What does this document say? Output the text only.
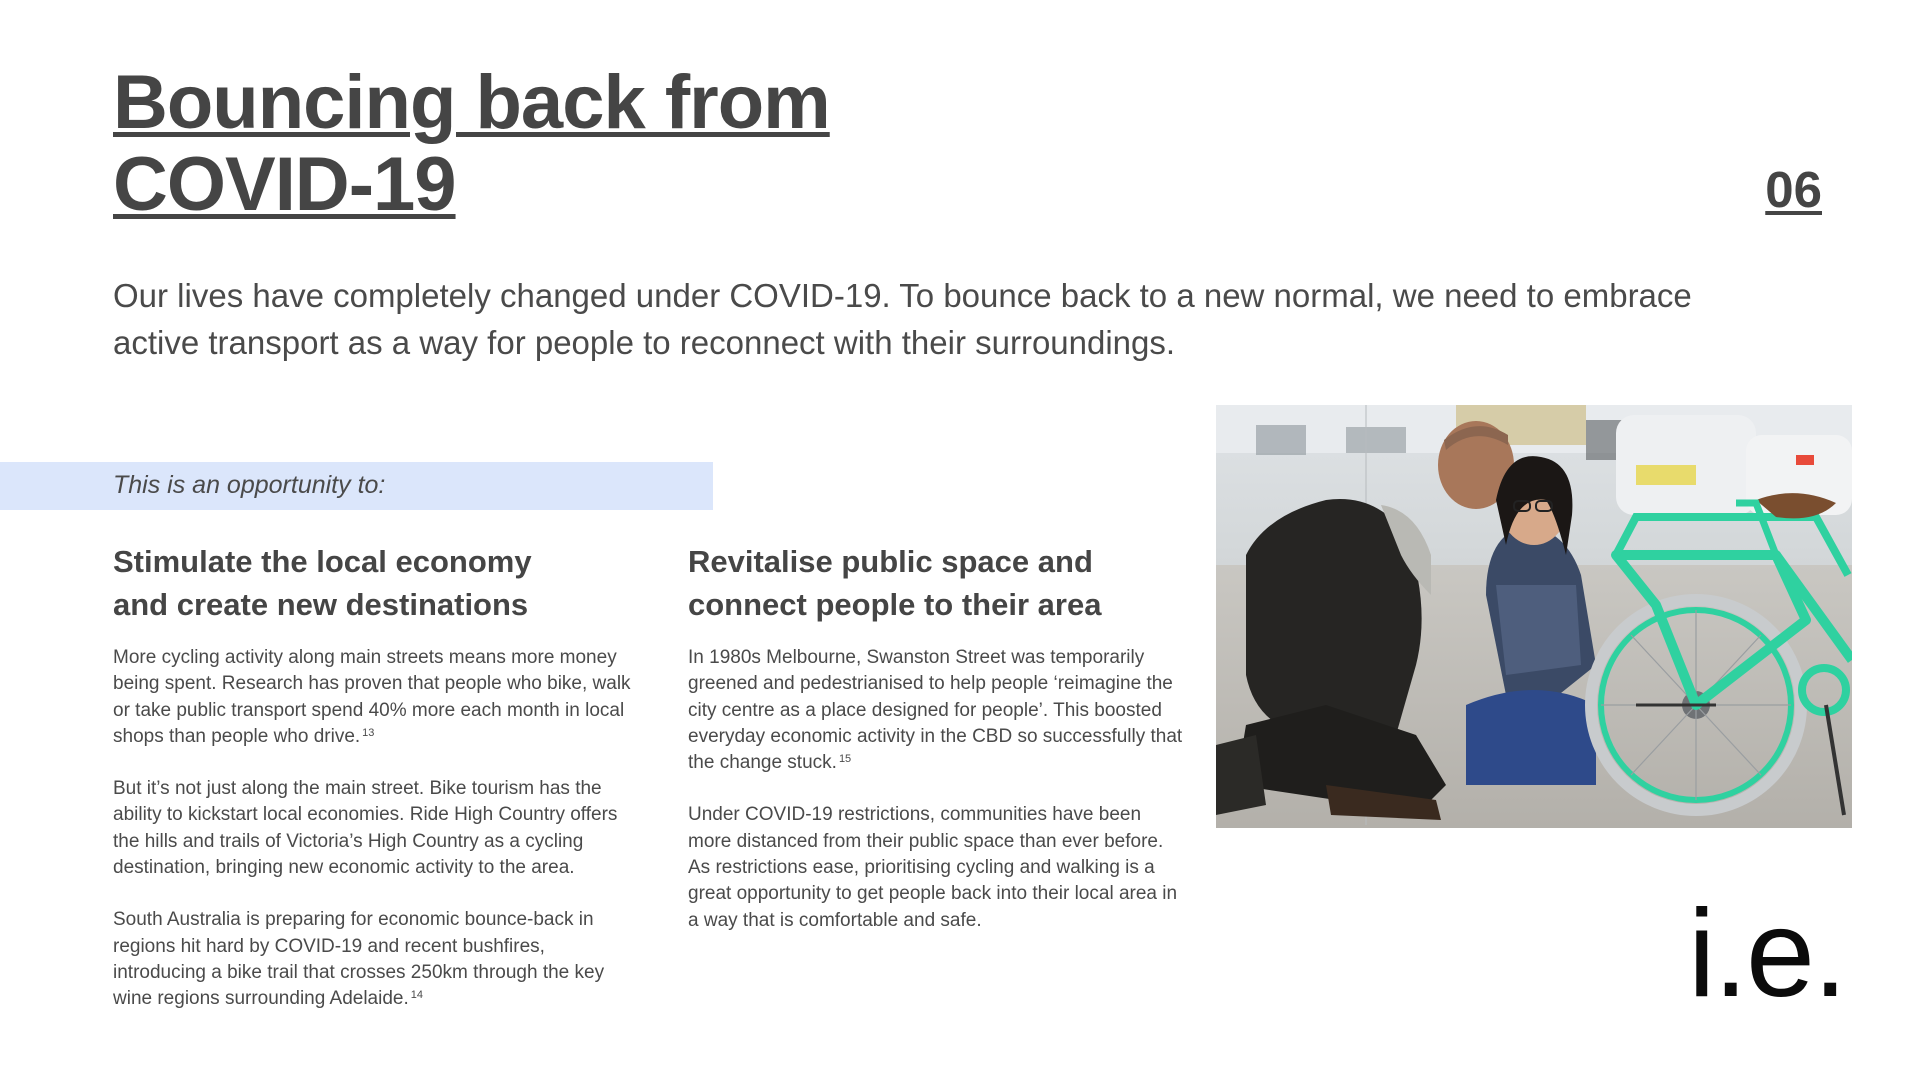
Bouncing back from
COVID-19	06

Our lives have completely changed under COVID-19. To bounce back to a new normal, we need to embrace active transport as a way for people to reconnect with their surroundings.

This is an opportunity to:
Stimulate the local economy
and create new destinations

More cycling activity along main streets means more money being spent. Research has proven that people who bike, walk or take public transport spend 40% more each month in local shops than people who drive. $^{13}$

But it’s not just along the main street. Bike tourism has the ability to kickstart local economies. Ride High Country offers the hills and trails of Victoria’s High Country as a cycling destination, bringing new economic activity to the area.

South Australia is preparing for economic bounce-back in regions hit hard by COVID-19 and recent bushfires, introducing a bike trail that crosses 250km through the key wine regions surrounding Adelaide. $^{14}$

Revitalise public space and
connect people to their area

In 1980s Melbourne, Swanston Street was temporarily greened and pedestrianised to help people ‘reimagine the city centre as a place designed for people’. This boosted everyday economic activity in the CBD so successfully that the change stuck. $^{15}$

Under COVID-19 restrictions, communities have been more distanced from their public space than ever before. As restrictions ease, prioritising cycling and walking is a great opportunity to get people back into their local area in a way that is comfortable and safe.	i.e.
